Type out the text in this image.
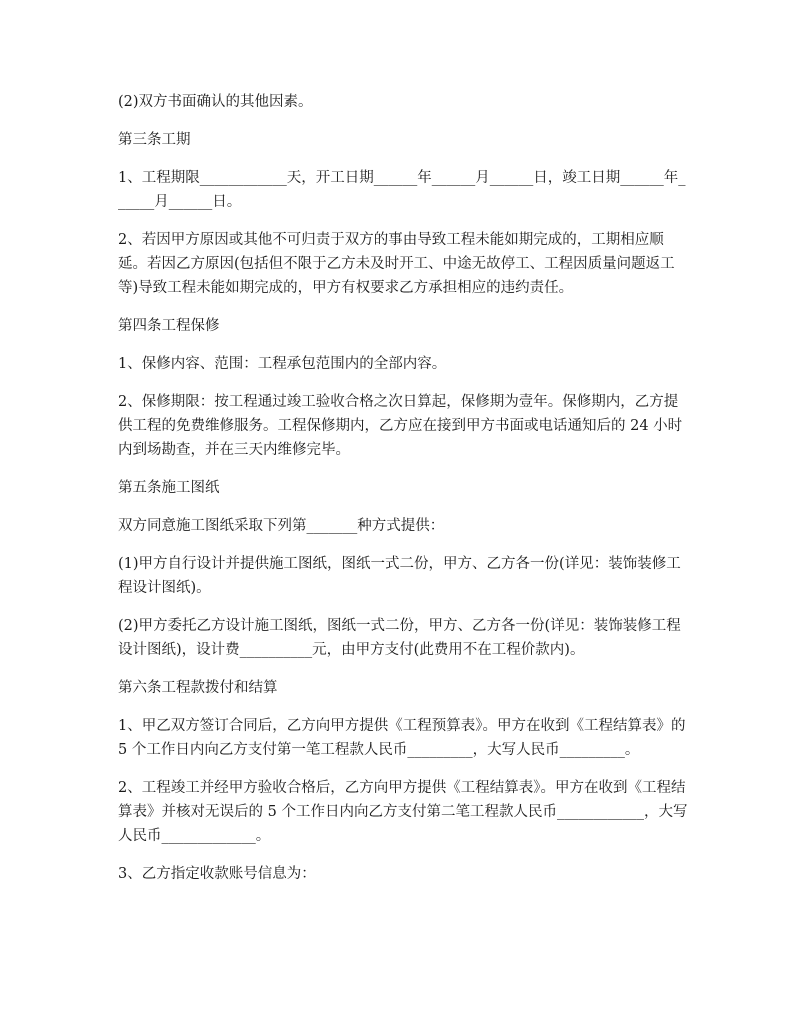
(2)双方书面确认的其他因素。

第三条工期

1、工程期限____________天，开工日期______年______月______日，竣工日期______年______月______日。

2、若因甲方原因或其他不可归责于双方的事由导致工程未能如期完成的，工期相应顺延。若因乙方原因(包括但不限于乙方未及时开工、中途无故停工、工程因质量问题返工等)导致工程未能如期完成的，甲方有权要求乙方承担相应的违约责任。

第四条工程保修

1、保修内容、范围：工程承包范围内的全部内容。

2、保修期限：按工程通过竣工验收合格之次日算起，保修期为壹年。保修期内，乙方提供工程的免费维修服务。工程保修期内，乙方应在接到甲方书面或电话通知后的 24 小时内到场勘查，并在三天内维修完毕。

第五条施工图纸

双方同意施工图纸采取下列第_______种方式提供：

(1)甲方自行设计并提供施工图纸，图纸一式二份，甲方、乙方各一份(详见：装饰装修工程设计图纸)。

(2)甲方委托乙方设计施工图纸，图纸一式二份，甲方、乙方各一份(详见：装饰装修工程设计图纸)，设计费__________元，由甲方支付(此费用不在工程价款内)。

第六条工程款拨付和结算

1、甲乙双方签订合同后，乙方向甲方提供《工程预算表》。甲方在收到《工程结算表》的 5 个工作日内向乙方支付第一笔工程款人民币_________，大写人民币_________。

2、工程竣工并经甲方验收合格后，乙方向甲方提供《工程结算表》。甲方在收到《工程结算表》并核对无误后的 5 个工作日内向乙方支付第二笔工程款人民币____________，大写人民币_____________。

3、乙方指定收款账号信息为：
